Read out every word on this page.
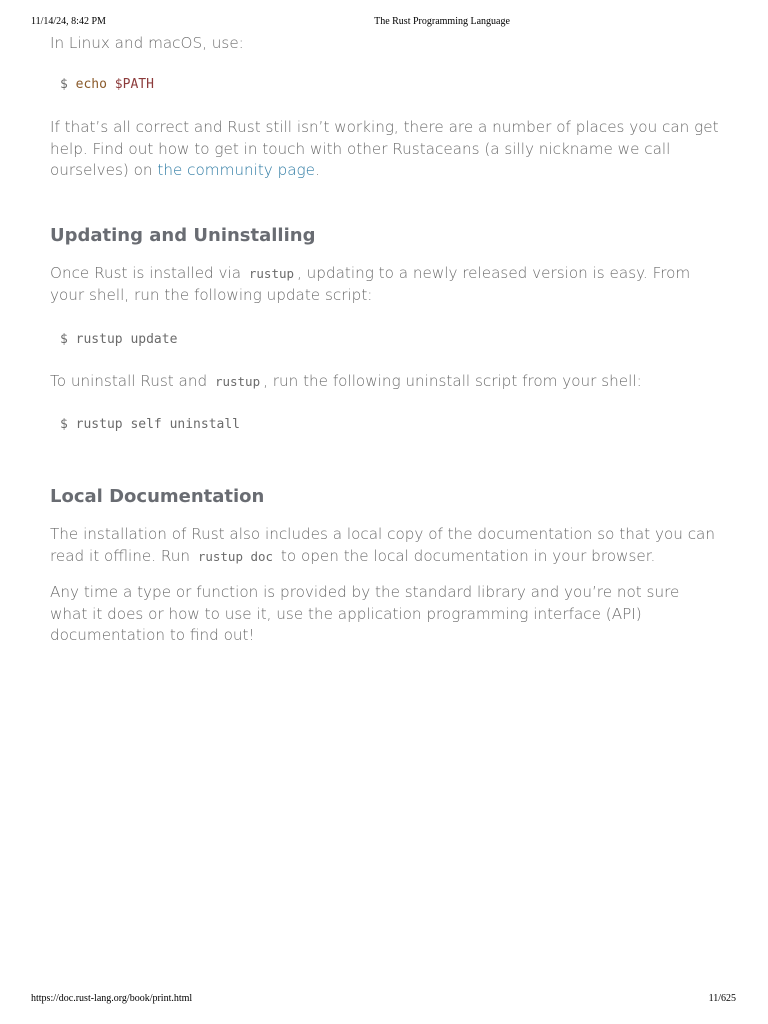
11/14/24, 8:42 PM	The Rust Programming Language

In Linux and macOS, use:

$ echo $PATH

If that’s all correct and Rust still isn’t working, there are a number of places you can get help. Find out how to get in touch with other Rustaceans (a silly nickname we call ourselves) on the community page.

Updating and Uninstalling

Once Rust is installed via rustup , updating to a newly released version is easy. From your shell, run the following update script:

$ rustup update

To uninstall Rust and rustup , run the following uninstall script from your shell:

$ rustup self uninstall
Local Documentation

The installation of Rust also includes a local copy of the documentation so that you can read it offline. Run rustup doc to open the local documentation in your browser.

Any time a type or function is provided by the standard library and you’re not sure what it does or how to use it, use the application programming interface (API) documentation to find out!

https://doc.rust-lang.org/book/print.html	11/625
